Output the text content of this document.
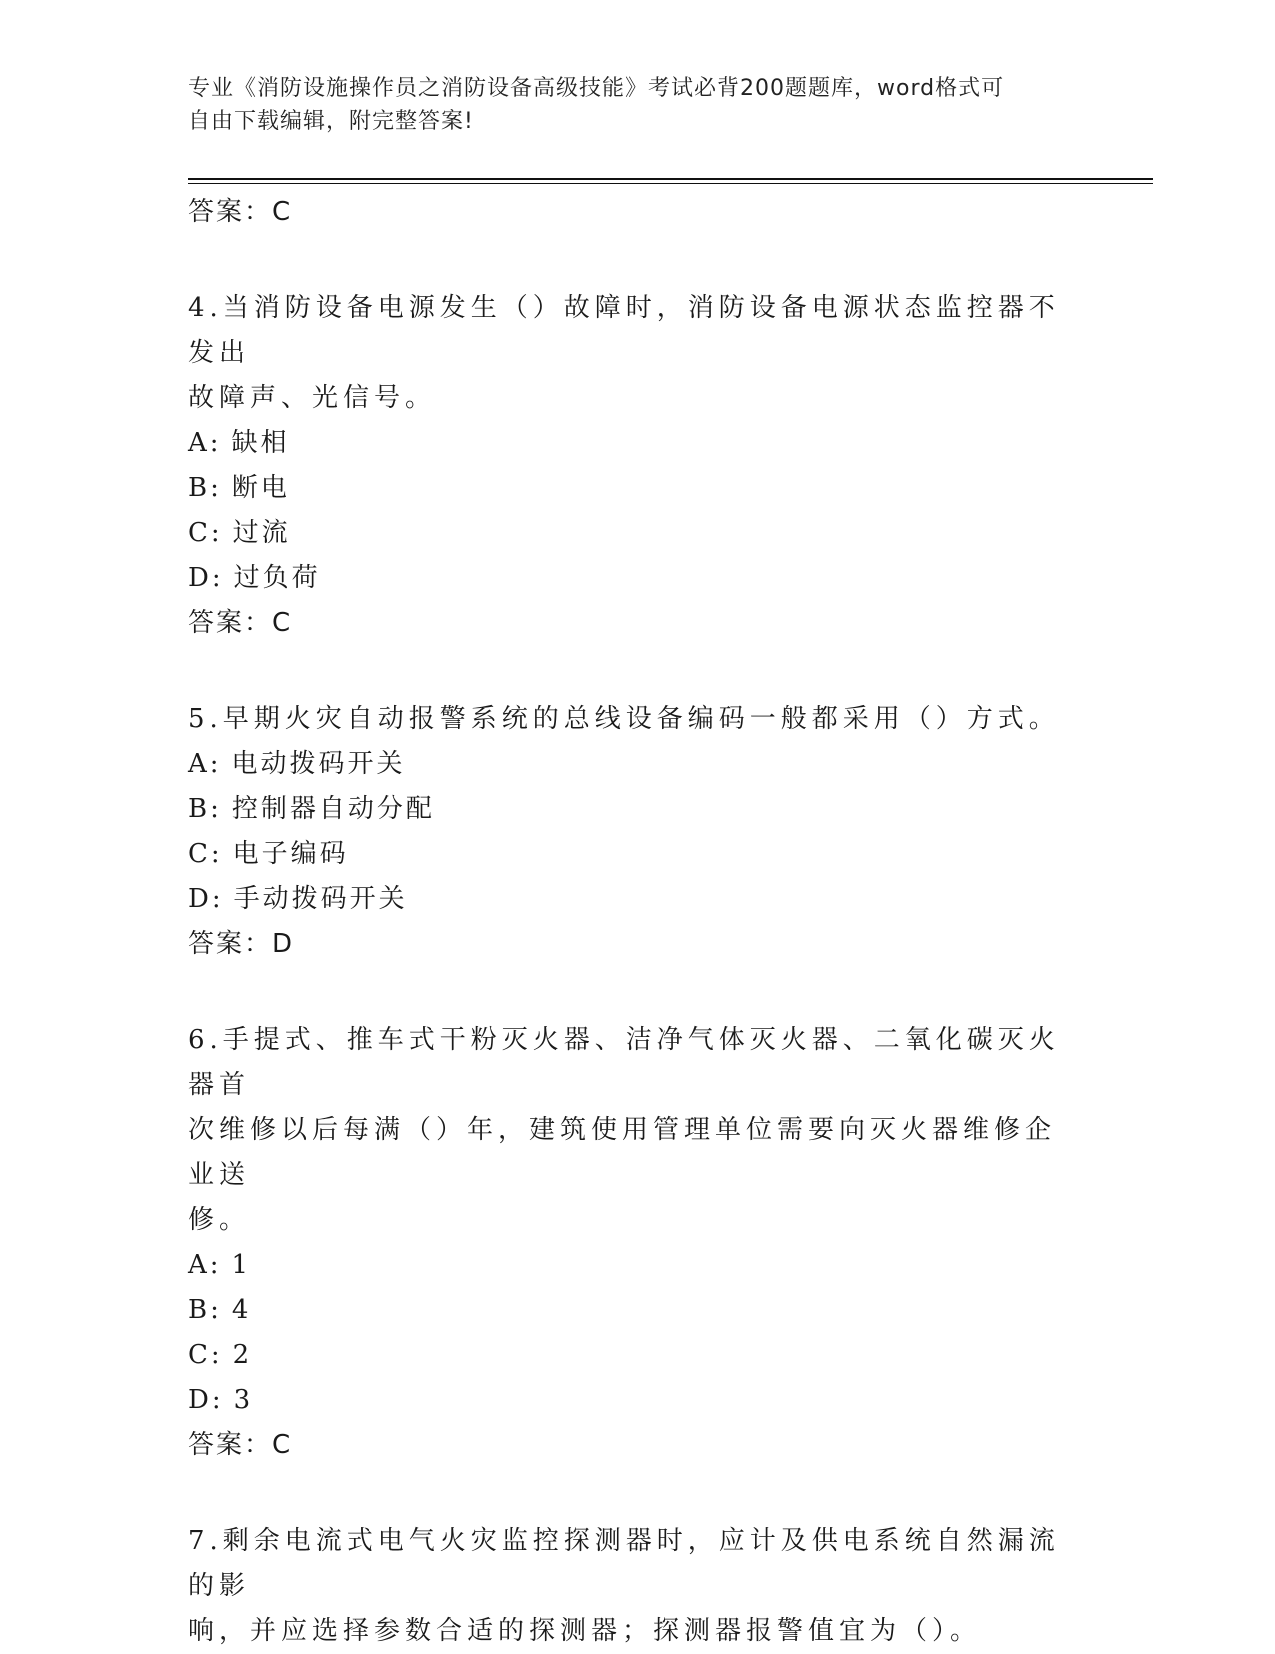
专业《消防设施操作员之消防设备高级技能》考试必背200题题库，word格式可
自由下载编辑，附完整答案!

答案：C

4.当消防设备电源发生（）故障时，消防设备电源状态监控器不发出

故障声、光信号。

A: 缺相

B: 断电

C: 过流

D: 过负荷

答案：C

5.早期火灾自动报警系统的总线设备编码一般都采用（）方式。

A: 电动拨码开关

B: 控制器自动分配

C: 电子编码

D: 手动拨码开关

答案：D

6.手提式、推车式干粉灭火器、洁净气体灭火器、二氧化碳灭火器首

次维修以后每满（）年，建筑使用管理单位需要向灭火器维修企业送

修。

A: 1

B: 4

C: 2

D: 3

答案：C

7.剩余电流式电气火灾监控探测器时，应计及供电系统自然漏流的影

响，并应选择参数合适的探测器；探测器报警值宜为（）。
